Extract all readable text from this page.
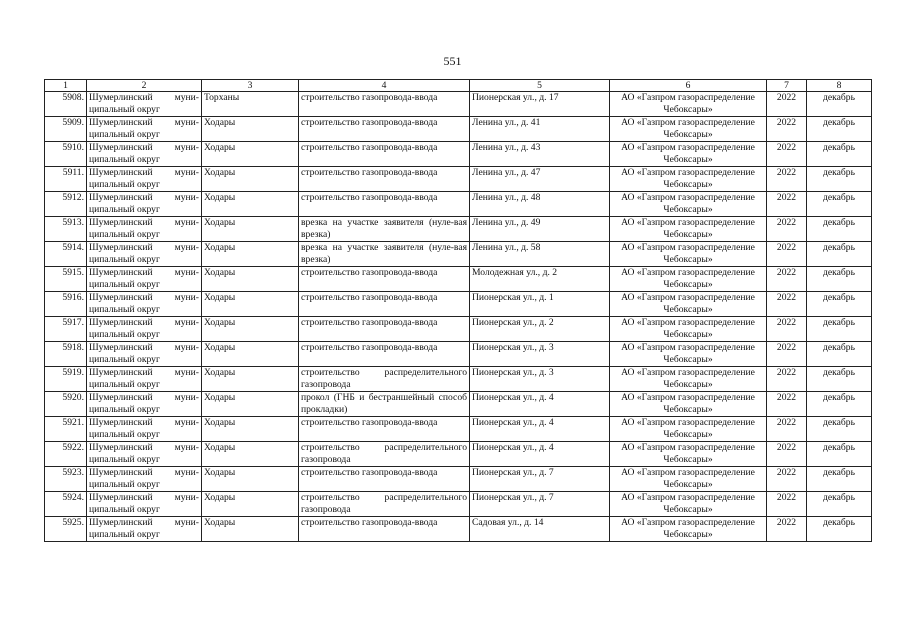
551
1	2	3	4	5	6	7	8
5908.	Шумерлинский муни-ципальный округ	Торханы	строительство газопровода-ввода	Пионерская ул., д. 17	АО «Газпром газораспределение Чебоксары»	2022	декабрь
5909.	Шумерлинский муни-ципальный округ	Ходары	строительство газопровода-ввода	Ленина ул., д. 41	АО «Газпром газораспределение Чебоксары»	2022	декабрь
5910.	Шумерлинский муни-ципальный округ	Ходары	строительство газопровода-ввода	Ленина ул., д. 43	АО «Газпром газораспределение Чебоксары»	2022	декабрь
5911.	Шумерлинский муни-ципальный округ	Ходары	строительство газопровода-ввода	Ленина ул., д. 47	АО «Газпром газораспределение Чебоксары»	2022	декабрь
5912.	Шумерлинский муни-ципальный округ	Ходары	строительство газопровода-ввода	Ленина ул., д. 48	АО «Газпром газораспределение Чебоксары»	2022	декабрь
5913.	Шумерлинский муни-ципальный округ	Ходары	врезка на участке заявителя (нуле-вая врезка)	Ленина ул., д. 49	АО «Газпром газораспределение Чебоксары»	2022	декабрь
5914.	Шумерлинский муни-ципальный округ	Ходары	врезка на участке заявителя (нуле-вая врезка)	Ленина ул., д. 58	АО «Газпром газораспределение Чебоксары»	2022	декабрь
5915.	Шумерлинский муни-ципальный округ	Ходары	строительство газопровода-ввода	Молодежная ул., д. 2	АО «Газпром газораспределение Чебоксары»	2022	декабрь
5916.	Шумерлинский муни-ципальный округ	Ходары	строительство газопровода-ввода	Пионерская ул., д. 1	АО «Газпром газораспределение Чебоксары»	2022	декабрь
5917.	Шумерлинский муни-ципальный округ	Ходары	строительство газопровода-ввода	Пионерская ул., д. 2	АО «Газпром газораспределение Чебоксары»	2022	декабрь
5918.	Шумерлинский муни-ципальный округ	Ходары	строительство газопровода-ввода	Пионерская ул., д. 3	АО «Газпром газораспределение Чебоксары»	2022	декабрь
5919.	Шумерлинский муни-ципальный округ	Ходары	строительство распределительного газопровода	Пионерская ул., д. 3	АО «Газпром газораспределение Чебоксары»	2022	декабрь
5920.	Шумерлинский муни-ципальный округ	Ходары	прокол (ГНБ и бестраншейный способ прокладки)	Пионерская ул., д. 4	АО «Газпром газораспределение Чебоксары»	2022	декабрь
5921.	Шумерлинский муни-ципальный округ	Ходары	строительство газопровода-ввода	Пионерская ул., д. 4	АО «Газпром газораспределение Чебоксары»	2022	декабрь
5922.	Шумерлинский муни-ципальный округ	Ходары	строительство распределительного газопровода	Пионерская ул., д. 4	АО «Газпром газораспределение Чебоксары»	2022	декабрь
5923.	Шумерлинский муни-ципальный округ	Ходары	строительство газопровода-ввода	Пионерская ул., д. 7	АО «Газпром газораспределение Чебоксары»	2022	декабрь
5924.	Шумерлинский муни-ципальный округ	Ходары	строительство распределительного газопровода	Пионерская ул., д. 7	АО «Газпром газораспределение Чебоксары»	2022	декабрь
5925.	Шумерлинский муни-ципальный округ	Ходары	строительство газопровода-ввода	Садовая ул., д. 14	АО «Газпром газораспределение Чебоксары»	2022	декабрь
